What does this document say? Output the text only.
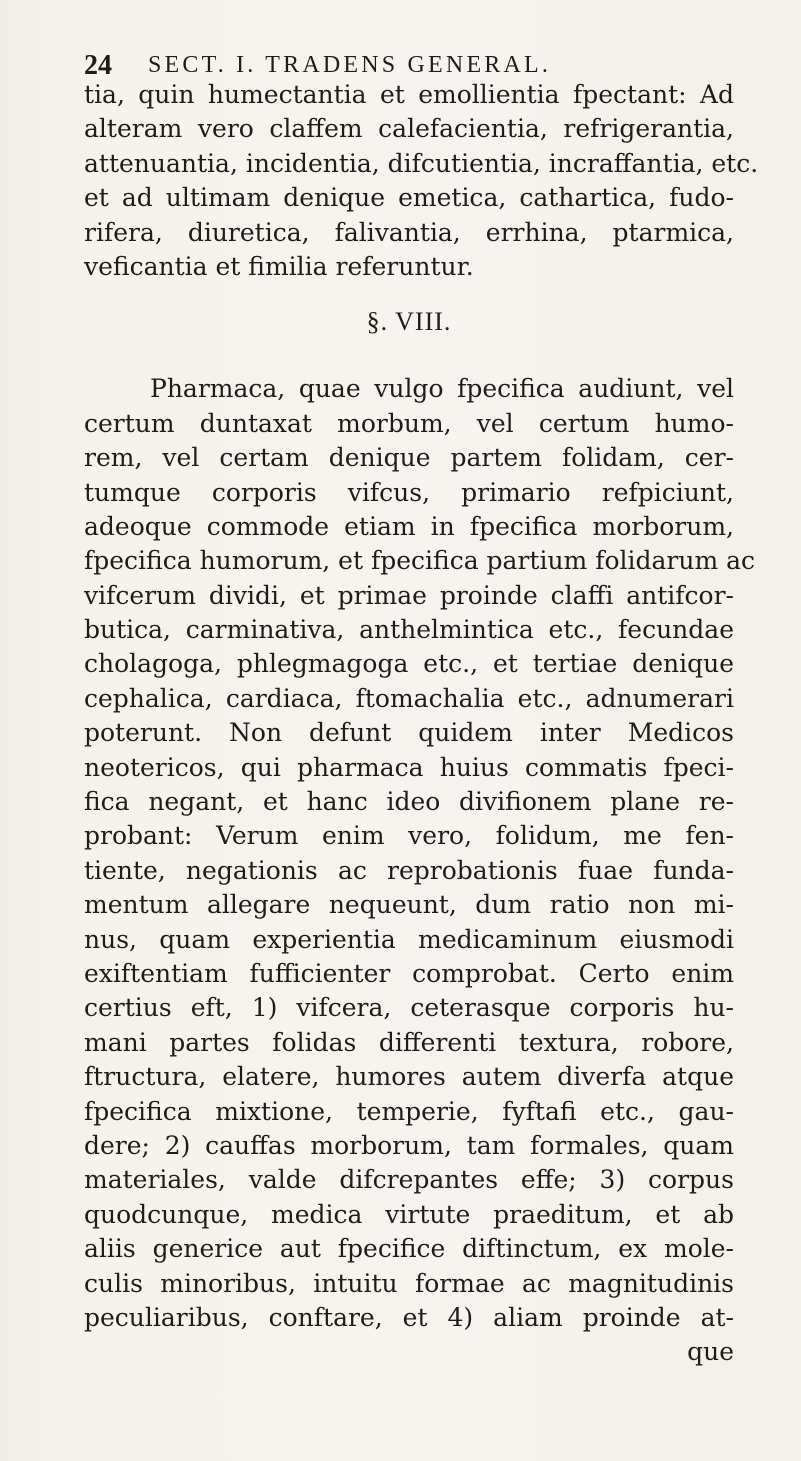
24 SECT. I. TRADENS GENERAL.
tia, quin humectantia et emollientia fpectant: Ad
alteram vero claffem calefacientia, refrigerantia,
attenuantia, incidentia, difcutientia, incraffantia, etc.
et ad ultimam denique emetica, cathartica, fudo-
rifera, diuretica, falivantia, errhina, ptarmica,
veficantia et fimilia referuntur.
§. VIII.
Pharmaca, quae vulgo fpecifica audiunt, vel
certum duntaxat morbum, vel certum humo-
rem, vel certam denique partem folidam, cer-
tumque corporis vifcus, primario refpiciunt,
adeoque commode etiam in fpecifica morborum,
fpecifica humorum, et fpecifica partium folidarum ac
vifcerum dividi, et primae proinde claffi antifcor-
butica, carminativa, anthelmintica etc., fecundae
cholagoga, phlegmagoga etc., et tertiae denique
cephalica, cardiaca, ftomachalia etc., adnumerari
poterunt. Non defunt quidem inter Medicos
neotericos, qui pharmaca huius commatis fpeci-
fica negant, et hanc ideo divifionem plane re-
probant: Verum enim vero, folidum, me fen-
tiente, negationis ac reprobationis fuae funda-
mentum allegare nequeunt, dum ratio non mi-
nus, quam experientia medicaminum eiusmodi
exiftentiam fufficienter comprobat. Certo enim
certius eft, 1) vifcera, ceterasque corporis hu-
mani partes folidas differenti textura, robore,
ftructura, elatere, humores autem diverfa atque
fpecifica mixtione, temperie, fyftafi etc., gau-
dere; 2) cauffas morborum, tam formales, quam
materiales, valde difcrepantes effe; 3) corpus
quodcunque, medica virtute praeditum, et ab
aliis generice aut fpecifice diftinctum, ex mole-
culis minoribus, intuitu formae ac magnitudinis
peculiaribus, conftare, et 4) aliam proinde at-
que
